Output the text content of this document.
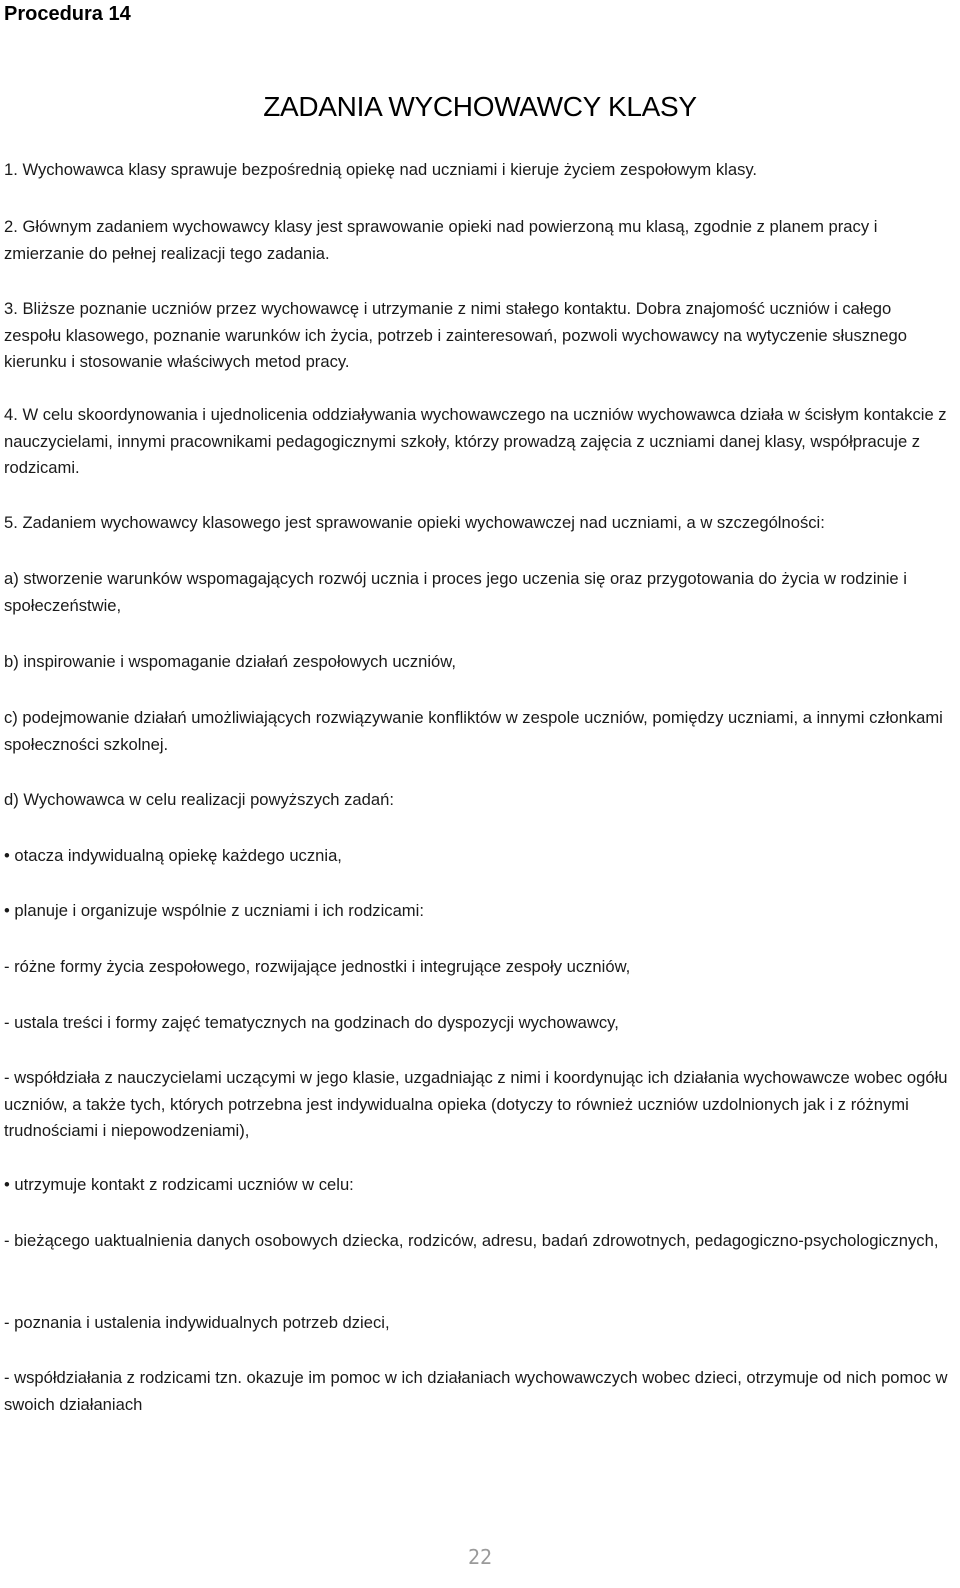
Procedura 14

ZADANIA WYCHOWAWCY KLASY

1. Wychowawca klasy sprawuje bezpośrednią opiekę nad uczniami i kieruje życiem zespołowym klasy.

2. Głównym zadaniem wychowawcy klasy jest sprawowanie opieki nad powierzoną mu klasą, zgodnie z planem pracy i zmierzanie do pełnej realizacji tego zadania.

3. Bliższe poznanie uczniów przez wychowawcę i utrzymanie z nimi stałego kontaktu. Dobra znajomość uczniów i całego zespołu klasowego, poznanie warunków ich życia, potrzeb i zainteresowań, pozwoli wychowawcy na wytyczenie słusznego kierunku i stosowanie właściwych metod pracy.

4. W celu skoordynowania i ujednolicenia oddziaływania wychowawczego na uczniów wychowawca działa w ścisłym kontakcie z nauczycielami, innymi pracownikami pedagogicznymi szkoły, którzy prowadzą zajęcia z uczniami danej klasy, współpracuje z rodzicami.

5. Zadaniem wychowawcy klasowego jest sprawowanie opieki wychowawczej nad uczniami, a w szczególności:

a) stworzenie warunków wspomagających rozwój ucznia i proces jego uczenia się oraz przygotowania do życia w rodzinie i społeczeństwie,

b) inspirowanie i wspomaganie działań zespołowych uczniów,

c) podejmowanie działań umożliwiających rozwiązywanie konfliktów w zespole uczniów, pomiędzy uczniami, a innymi członkami społeczności szkolnej.

d) Wychowawca w celu realizacji powyższych zadań:

• otacza indywidualną opiekę każdego ucznia,

• planuje i organizuje wspólnie z uczniami i ich rodzicami:

- różne formy życia zespołowego, rozwijające jednostki i integrujące zespoły uczniów,

- ustala treści i formy zajęć tematycznych na godzinach do dyspozycji wychowawcy,

- współdziała z nauczycielami uczącymi w jego klasie, uzgadniając z nimi i koordynując ich działania wychowawcze wobec ogółu uczniów, a także tych, których potrzebna jest indywidualna opieka (dotyczy to również uczniów uzdolnionych jak i z różnymi trudnościami i niepowodzeniami),

• utrzymuje kontakt z rodzicami uczniów w celu:

- bieżącego uaktualnienia danych osobowych dziecka, rodziców, adresu, badań zdrowotnych, pedagogiczno-psychologicznych,

- poznania i ustalenia indywidualnych potrzeb dzieci,

- współdziałania z rodzicami tzn. okazuje im pomoc w ich działaniach wychowawczych wobec dzieci, otrzymuje od nich pomoc w swoich działaniach

22
